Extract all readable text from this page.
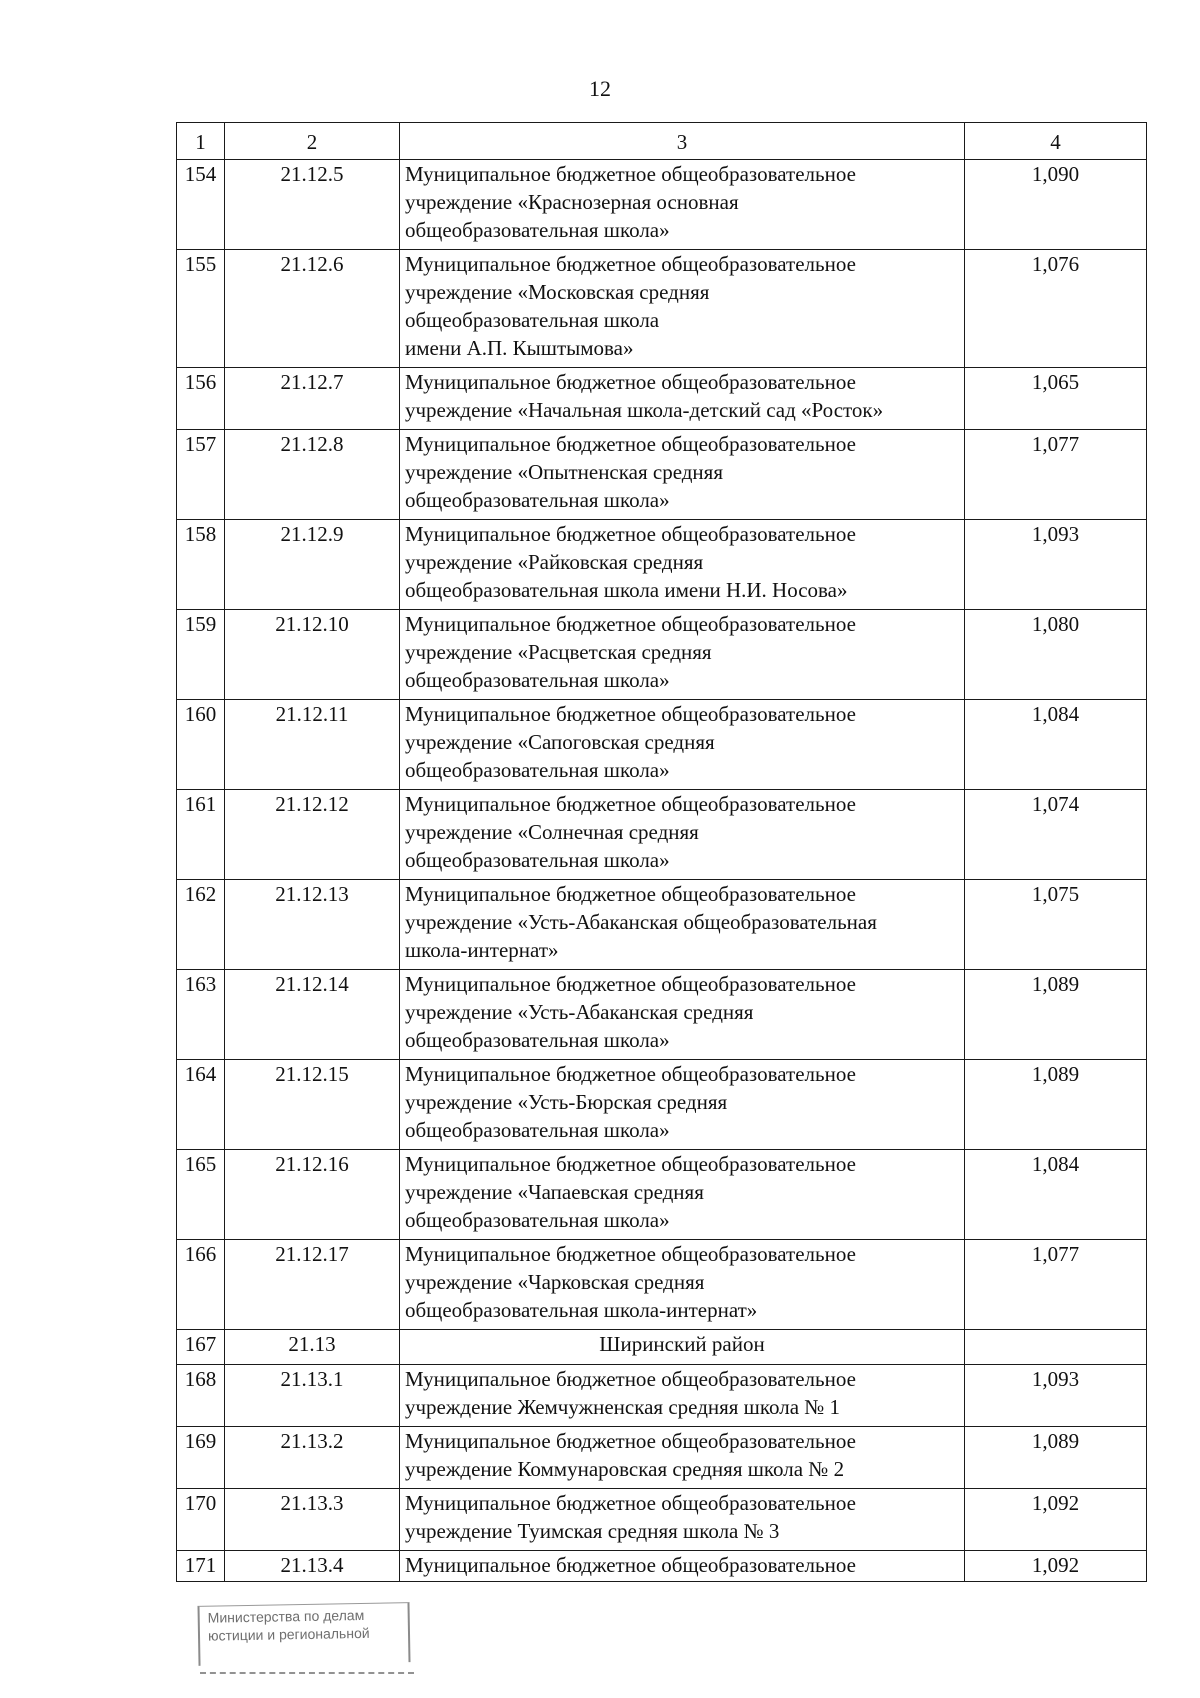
12
1	2	3	4
154	21.12.5	Муниципальное бюджетное общеобразовательное
учреждение «Краснозерная основная
общеобразовательная школа»	1,090
155	21.12.6	Муниципальное бюджетное общеобразовательное
учреждение «Московская средняя
общеобразовательная школа
имени А.П. Кыштымова»	1,076
156	21.12.7	Муниципальное бюджетное общеобразовательное
учреждение «Начальная школа-детский сад «Росток»	1,065
157	21.12.8	Муниципальное бюджетное общеобразовательное
учреждение «Опытненская средняя
общеобразовательная школа»	1,077
158	21.12.9	Муниципальное бюджетное общеобразовательное
учреждение «Райковская средняя
общеобразовательная школа имени Н.И. Носова»	1,093
159	21.12.10	Муниципальное бюджетное общеобразовательное
учреждение «Расцветская средняя
общеобразовательная школа»	1,080
160	21.12.11	Муниципальное бюджетное общеобразовательное
учреждение «Сапоговская средняя
общеобразовательная школа»	1,084
161	21.12.12	Муниципальное бюджетное общеобразовательное
учреждение «Солнечная средняя
общеобразовательная школа»	1,074
162	21.12.13	Муниципальное бюджетное общеобразовательное
учреждение «Усть-Абаканская общеобразовательная
школа-интернат»	1,075
163	21.12.14	Муниципальное бюджетное общеобразовательное
учреждение «Усть-Абаканская средняя
общеобразовательная школа»	1,089
164	21.12.15	Муниципальное бюджетное общеобразовательное
учреждение «Усть-Бюрская средняя
общеобразовательная школа»	1,089
165	21.12.16	Муниципальное бюджетное общеобразовательное
учреждение «Чапаевская средняя
общеобразовательная школа»	1,084
166	21.12.17	Муниципальное бюджетное общеобразовательное
учреждение «Чарковская средняя
общеобразовательная школа-интернат»	1,077
167	21.13	Ширинский район	
168	21.13.1	Муниципальное бюджетное общеобразовательное
учреждение Жемчужненская средняя школа № 1	1,093
169	21.13.2	Муниципальное бюджетное общеобразовательное
учреждение Коммунаровская средняя школа № 2	1,089
170	21.13.3	Муниципальное бюджетное общеобразовательное
учреждение Туимская средняя школа № 3	1,092
171	21.13.4	Муниципальное бюджетное общеобразовательное	1,092
Министерства по делам
юстиции и региональной
